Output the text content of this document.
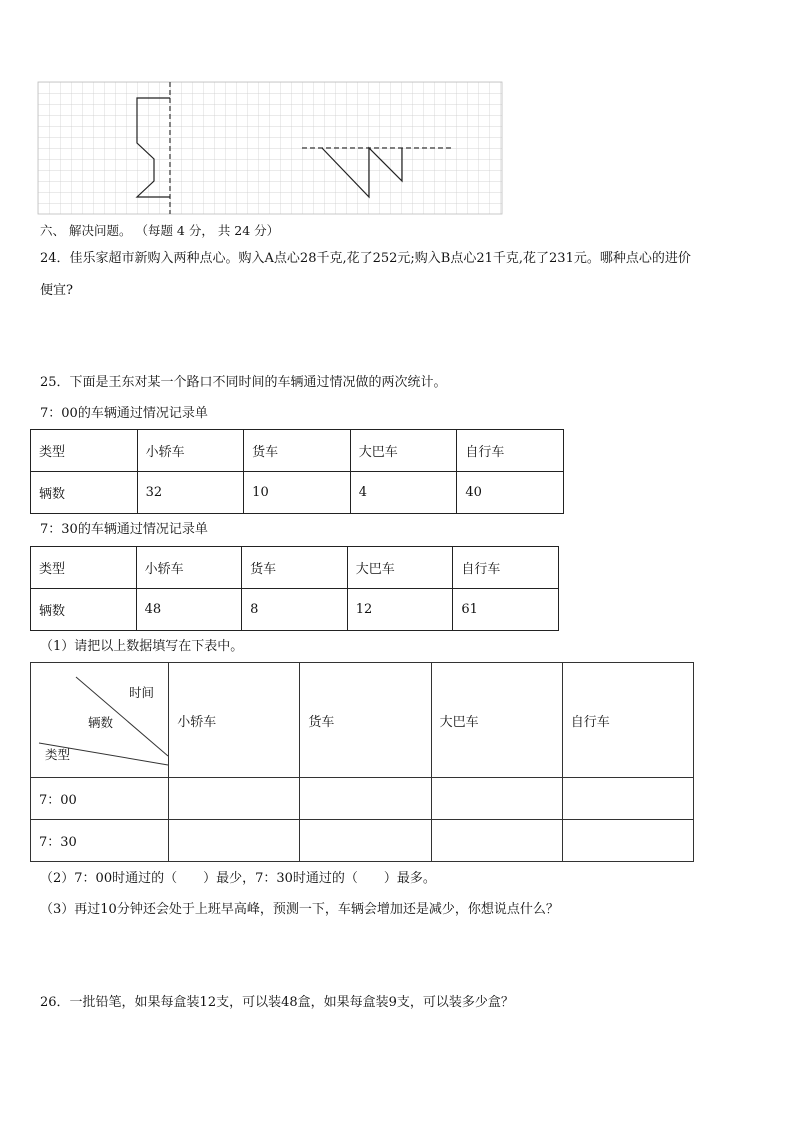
六、 解决问题。 （每题 4 分， 共 24 分）
24．佳乐家超市新购入两种点心。购入A点心28千克,花了252元;购入B点心21千克,花了231元。哪种点心的进价
便宜?
25．下面是王东对某一个路口不同时间的车辆通过情况做的两次统计。
7：00的车辆通过情况记录单
类型	小轿车	货车	大巴车	自行车
辆数	32	10	4	40
7：30的车辆通过情况记录单
类型	小轿车	货车	大巴车	自行车
辆数	48	8	12	61
（1）请把以上数据填写在下表中。
时间
辆数
类型	小轿车	货车	大巴车	自行车
7：00				
7：30				
（2）7：00时通过的（　　）最少，7：30时通过的（　　）最多。
（3）再过10分钟还会处于上班早高峰，预测一下，车辆会增加还是减少，你想说点什么？
26．一批铅笔，如果每盒装12支，可以装48盒，如果每盒装9支，可以装多少盒？
